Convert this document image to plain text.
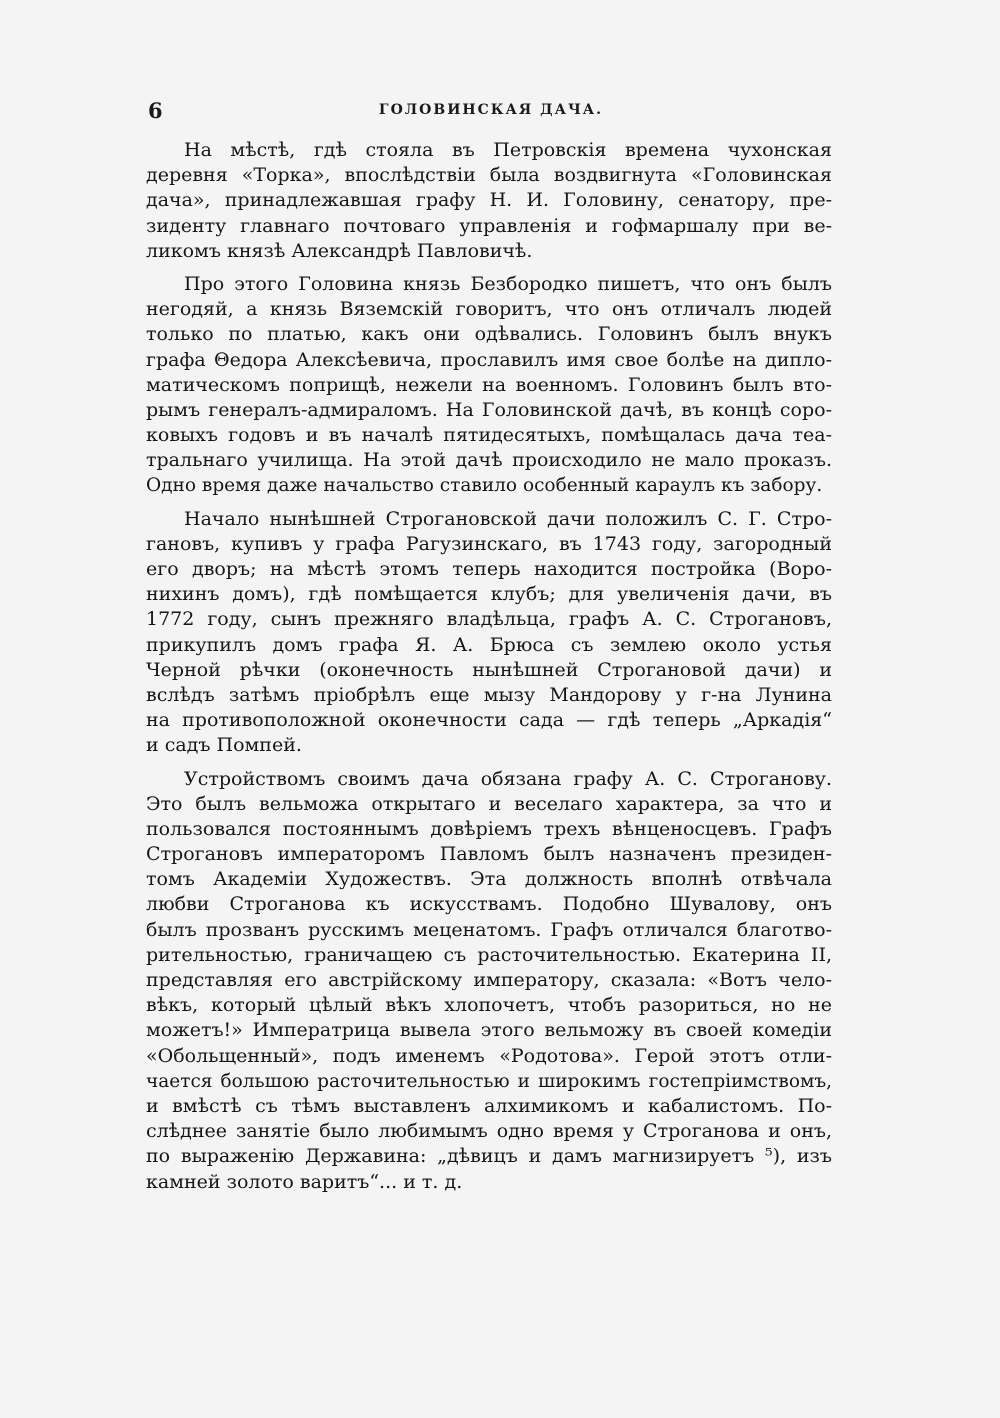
6	ГОЛОВИНСКАЯ ДАЧА.
На мѣстѣ, гдѣ стояла въ Петровскія времена чухонская
деревня «Торка», впослѣдствіи была воздвигнута «Головинская
дача», принадлежавшая графу Н. И. Головину, сенатору, пре-
зиденту главнаго почтоваго управленія и гофмаршалу при ве-
ликомъ князѣ Александрѣ Павловичѣ.
Про этого Головина князь Безбородко пишетъ, что онъ былъ
негодяй, а князь Вяземскій говоритъ, что онъ отличалъ людей
только по платью, какъ они одѣвались. Головинъ былъ внукъ
графа Θедора Алексѣевича, прославилъ имя свое болѣе на дипло-
матическомъ поприщѣ, нежели на военномъ. Головинъ былъ вто-
рымъ генералъ-адмираломъ. На Головинской дачѣ, въ концѣ соро-
ковыхъ годовъ и въ началѣ пятидесятыхъ, помѣщалась дача теа-
тральнаго училища. На этой дачѣ происходило не мало проказъ.
Одно время даже начальство ставило особенный караулъ къ забору.
Начало нынѣшней Строгановской дачи положилъ С. Г. Стро-
гановъ, купивъ у графа Рагузинскаго, въ 1743 году, загородный
его дворъ; на мѣстѣ этомъ теперь находится постройка (Воро-
нихинъ домъ), гдѣ помѣщается клубъ; для увеличенія дачи, въ
1772 году, сынъ прежняго владѣльца, графъ А. С. Строгановъ,
прикупилъ домъ графа Я. А. Брюса съ землею около устья
Черной рѣчки (оконечность нынѣшней Строгановой дачи) и
вслѣдъ затѣмъ пріобрѣлъ еще мызу Мандорову у г-на Лунина
на противоположной оконечности сада — гдѣ теперь „Аркадія“
и садъ Помпей.
Устройствомъ своимъ дача обязана графу А. С. Строганову.
Это былъ вельможа открытаго и веселаго характера, за что и
пользовался постояннымъ довѣріемъ трехъ вѣнценосцевъ. Графъ
Строгановъ императоромъ Павломъ былъ назначенъ президен-
томъ Академіи Художествъ. Эта должность вполнѣ отвѣчала
любви Строганова къ искусствамъ. Подобно Шувалову, онъ
былъ прозванъ русскимъ меценатомъ. Графъ отличался благотво-
рительностью, граничащею съ расточительностью. Екатерина II,
представляя его австрійскому императору, сказала: «Вотъ чело-
вѣкъ, который цѣлый вѣкъ хлопочетъ, чтобъ разориться, но не
можетъ!» Императрица вывела этого вельможу въ своей комедіи
«Обольщенный», подъ именемъ «Родотова». Герой этотъ отли-
чается большою расточительностью и широкимъ гостепріимствомъ,
и вмѣстѣ съ тѣмъ выставленъ алхимикомъ и кабалистомъ. По-
слѣднее занятіе было любимымъ одно время у Строганова и онъ,
по выраженію Державина: „дѣвицъ и дамъ магнизируетъ ⁵), изъ
камней золото варитъ“... и т. д.
